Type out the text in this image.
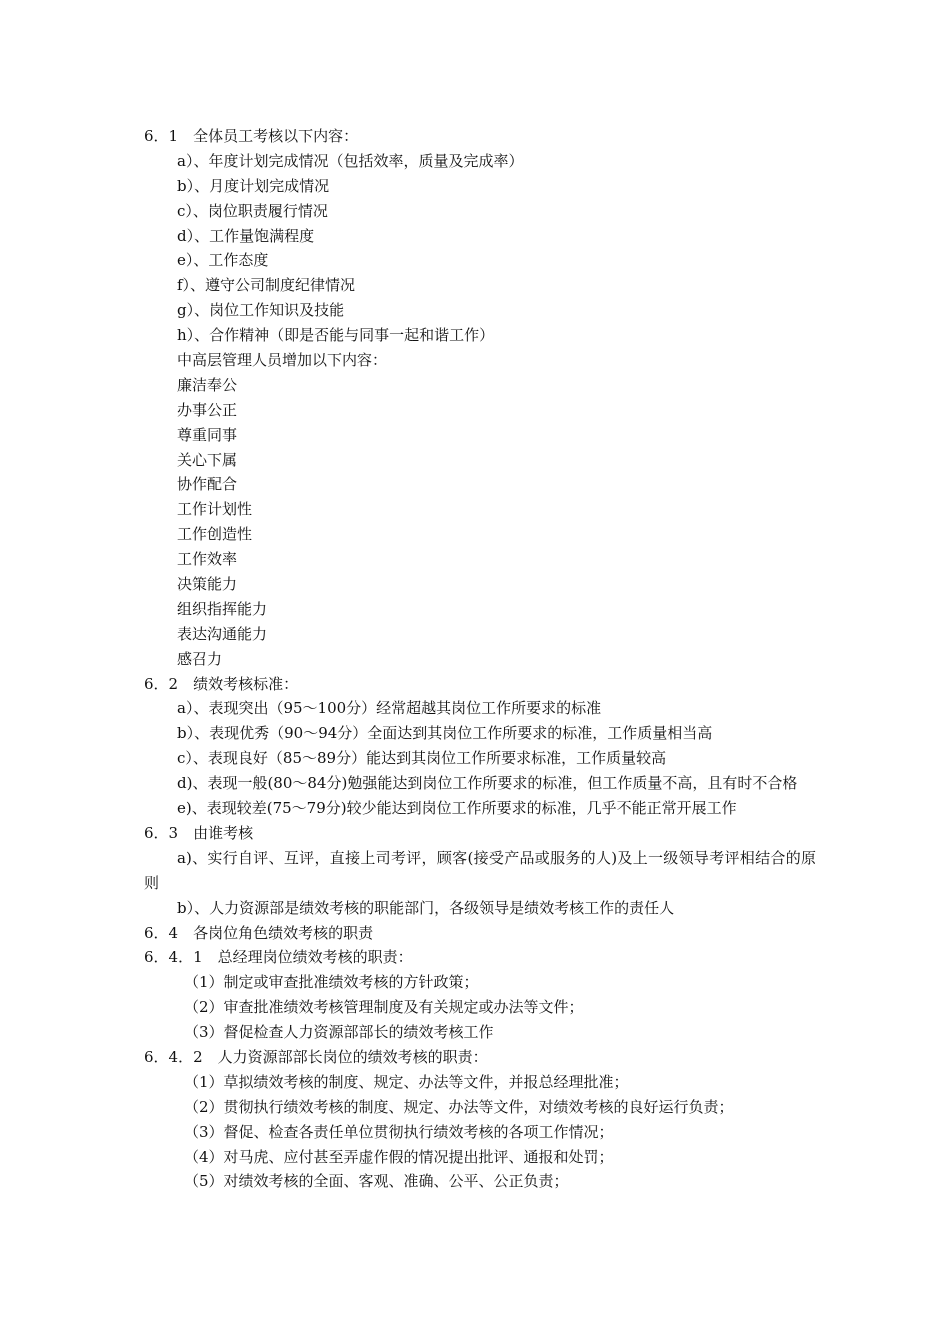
6．1　全体员工考核以下内容：
a）、年度计划完成情况（包括效率，质量及完成率）
b）、月度计划完成情况
c）、岗位职责履行情况
d）、工作量饱满程度
e）、工作态度
f）、遵守公司制度纪律情况
g）、岗位工作知识及技能
h）、合作精神（即是否能与同事一起和谐工作）
中高层管理人员增加以下内容：
廉洁奉公
办事公正
尊重同事
关心下属
协作配合
工作计划性
工作创造性
工作效率
决策能力
组织指挥能力
表达沟通能力
感召力
6．2　绩效考核标准：
a）、表现突出（95～100分）经常超越其岗位工作所要求的标准
b）、表现优秀（90～94分）全面达到其岗位工作所要求的标准，工作质量相当高
c）、表现良好（85～89分）能达到其岗位工作所要求标准，工作质量较高
d)、表现一般(80～84分)勉强能达到岗位工作所要求的标准，但工作质量不高，且有时不合格
e)、表现较差(75～79分)较少能达到岗位工作所要求的标准，几乎不能正常开展工作
6．3　由谁考核
a)、实行自评、互评，直接上司考评，顾客(接受产品或服务的人)及上一级领导考评相结合的原则
b）、人力资源部是绩效考核的职能部门，各级领导是绩效考核工作的责任人
6．4　各岗位角色绩效考核的职责
6．4．1　总经理岗位绩效考核的职责：
（1）制定或审查批准绩效考核的方针政策；
（2）审查批准绩效考核管理制度及有关规定或办法等文件；
（3）督促检查人力资源部部长的绩效考核工作
6．4．2　人力资源部部长岗位的绩效考核的职责：
（1）草拟绩效考核的制度、规定、办法等文件，并报总经理批准；
（2）贯彻执行绩效考核的制度、规定、办法等文件，对绩效考核的良好运行负责；
（3）督促、检查各责任单位贯彻执行绩效考核的各项工作情况；
（4）对马虎、应付甚至弄虚作假的情况提出批评、通报和处罚；
（5）对绩效考核的全面、客观、准确、公平、公正负责；
